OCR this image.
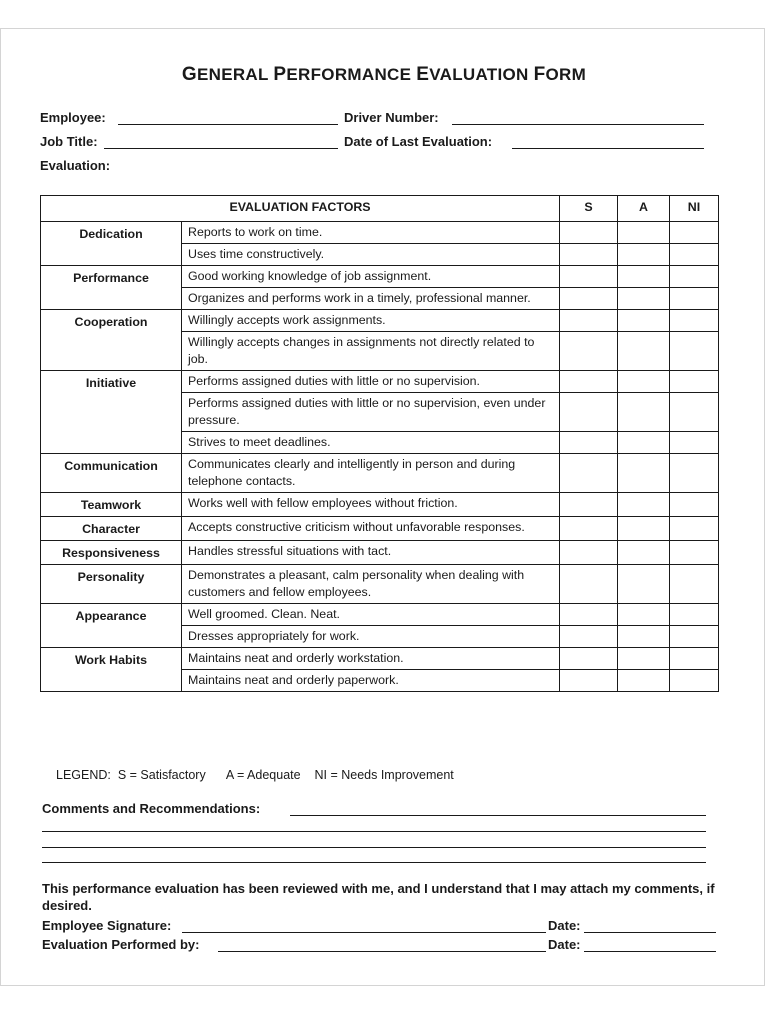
GENERAL PERFORMANCE EVALUATION FORM
Employee:	Driver Number:
Job Title:	Date of Last Evaluation:
Evaluation:
EVALUATION FACTORS		S	A	NI
Dedication	Reports to work on time.			
	Uses time constructively.			
Performance	Good working knowledge of job assignment.			
	Organizes and performs work in a timely, professional manner.			
Cooperation	Willingly accepts work assignments.			
	Willingly accepts changes in assignments not directly related to job.			
Initiative	Performs assigned duties with little or no supervision.			
	Performs assigned duties with little or no supervision, even under pressure.			
	Strives to meet deadlines.			
Communication	Communicates clearly and intelligently in person and during telephone contacts.			
Teamwork	Works well with fellow employees without friction.			
Character	Accepts constructive criticism without unfavorable responses.			
Responsiveness	Handles stressful situations with tact.			
Personality	Demonstrates a pleasant, calm personality when dealing with customers and fellow employees.			
Appearance	Well groomed. Clean. Neat.			
	Dresses appropriately for work.			
Work Habits	Maintains neat and orderly workstation.			
	Maintains neat and orderly paperwork.			
LEGEND:  S = Satisfactory      A = Adequate    NI = Needs Improvement
Comments and Recommendations:
This performance evaluation has been reviewed with me, and I understand that I may attach my comments, if desired.
Employee Signature:	Date:
Evaluation Performed by:	Date:
